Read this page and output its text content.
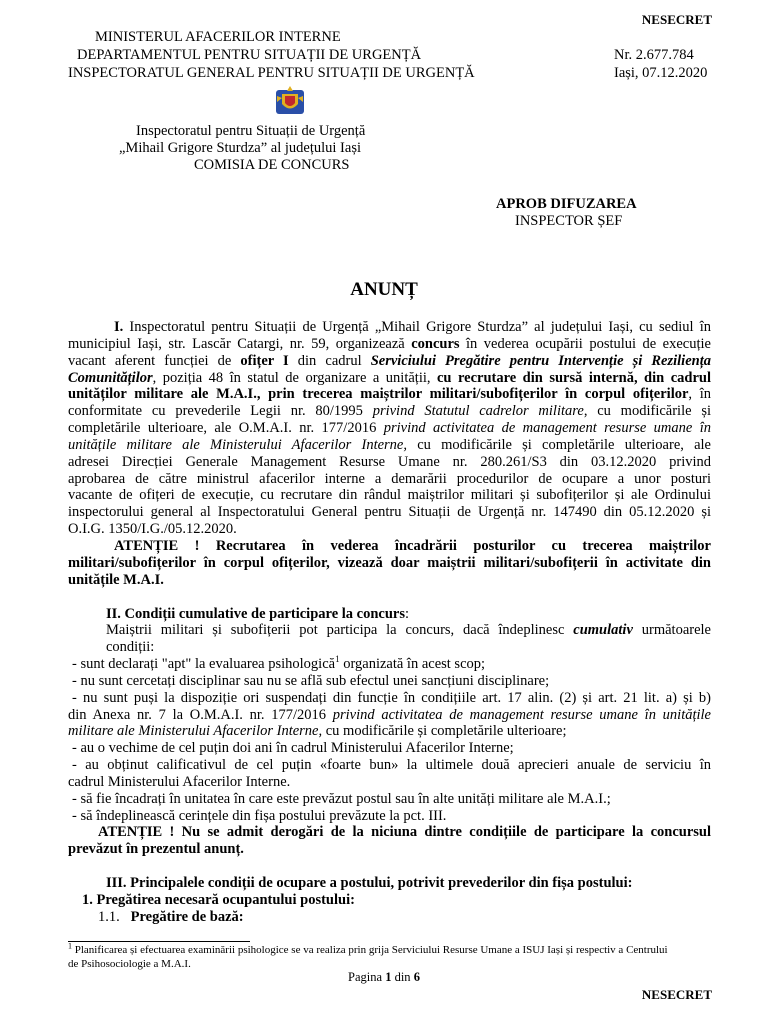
NESECRET
MINISTERUL AFACERILOR INTERNE
DEPARTAMENTUL PENTRU SITUAȚII DE URGENȚĂ
INSPECTORATUL GENERAL PENTRU SITUAȚII DE URGENȚĂ
Nr. 2.677.784
Iași, 07.12.2020
Inspectoratul pentru Situații de Urgență
„Mihail Grigore Sturdza” al județului Iași
COMISIA DE CONCURS
APROB DIFUZAREA
INSPECTOR ȘEF
ANUNȚ
I. Inspectoratul pentru Situații de Urgență „Mihail Grigore Sturdza” al județului Iași, cu sediul în
municipiul Iași, str. Lascăr Catargi, nr. 59, organizează concurs în vederea ocupării postului de execuție
vacant aferent funcției de ofițer I din cadrul Serviciului Pregătire pentru Intervenție și Reziliența
Comunităților, poziția 48 în statul de organizare a unității, cu recrutare din sursă internă, din cadrul
unităților militare ale M.A.I., prin trecerea maiștrilor militari/subofițerilor în corpul ofițerilor, în
conformitate cu prevederile Legii nr. 80/1995 privind Statutul cadrelor militare, cu modificările și
completările ulterioare, ale O.M.A.I. nr. 177/2016 privind activitatea de management resurse umane în
unitățile militare ale Ministerului Afacerilor Interne, cu modificările și completările ulterioare, ale
adresei Direcției Generale Management Resurse Umane nr. 280.261/S3 din 03.12.2020 privind
aprobarea de către ministrul afacerilor interne a demarării procedurilor de ocupare a unor posturi
vacante de ofițeri de execuție, cu recrutare din rândul maiștrilor militari și subofițerilor și ale Ordinului
inspectorului general al Inspectoratului General pentru Situații de Urgență nr. 147490 din 05.12.2020 și
O.I.G. 1350/I.G./05.12.2020.
ATENȚIE ! Recrutarea în vederea încadrării posturilor cu trecerea maiștrilor
militari/subofițerilor în corpul ofițerilor, vizează doar maiștrii militari/subofițerii în activitate din
unitățile M.A.I.
II. Condiții cumulative de participare la concurs:
Maiștrii militari și subofițerii pot participa la concurs, dacă îndeplinesc cumulativ următoarele
condiții:
- sunt declarați "apt" la evaluarea psihologică$^1$ organizată în acest scop;
- nu sunt cercetați disciplinar sau nu se află sub efectul unei sancțiuni disciplinare;
- nu sunt puși la dispoziție ori suspendați din funcție în condițiile art. 17 alin. (2) și art. 21 lit. a) și b)
din Anexa nr. 7 la O.M.A.I. nr. 177/2016 privind activitatea de management resurse umane în unitățile
militare ale Ministerului Afacerilor Interne, cu modificările și completările ulterioare;
- au o vechime de cel puțin doi ani în cadrul Ministerului Afacerilor Interne;
- au obținut calificativul de cel puțin «foarte bun» la ultimele două aprecieri anuale de serviciu în
cadrul Ministerului Afacerilor Interne.
- să fie încadrați în unitatea în care este prevăzut postul sau în alte unități militare ale M.A.I.;
- să îndeplinească cerințele din fișa postului prevăzute la pct. III.
ATENȚIE ! Nu se admit derogări de la niciuna dintre condițiile de participare la concursul
prevăzut în prezentul anunț.
III. Principalele condiții de ocupare a postului, potrivit prevederilor din fișa postului:
1. Pregătirea necesară ocupantului postului:
1.1. Pregătire de bază:
$^1$ Planificarea și efectuarea examinării psihologice se va realiza prin grija Serviciului Resurse Umane a ISUJ Iași și respectiv a Centrului
de Psihosociologie a M.A.I.
Pagina 1 din 6
NESECRET
